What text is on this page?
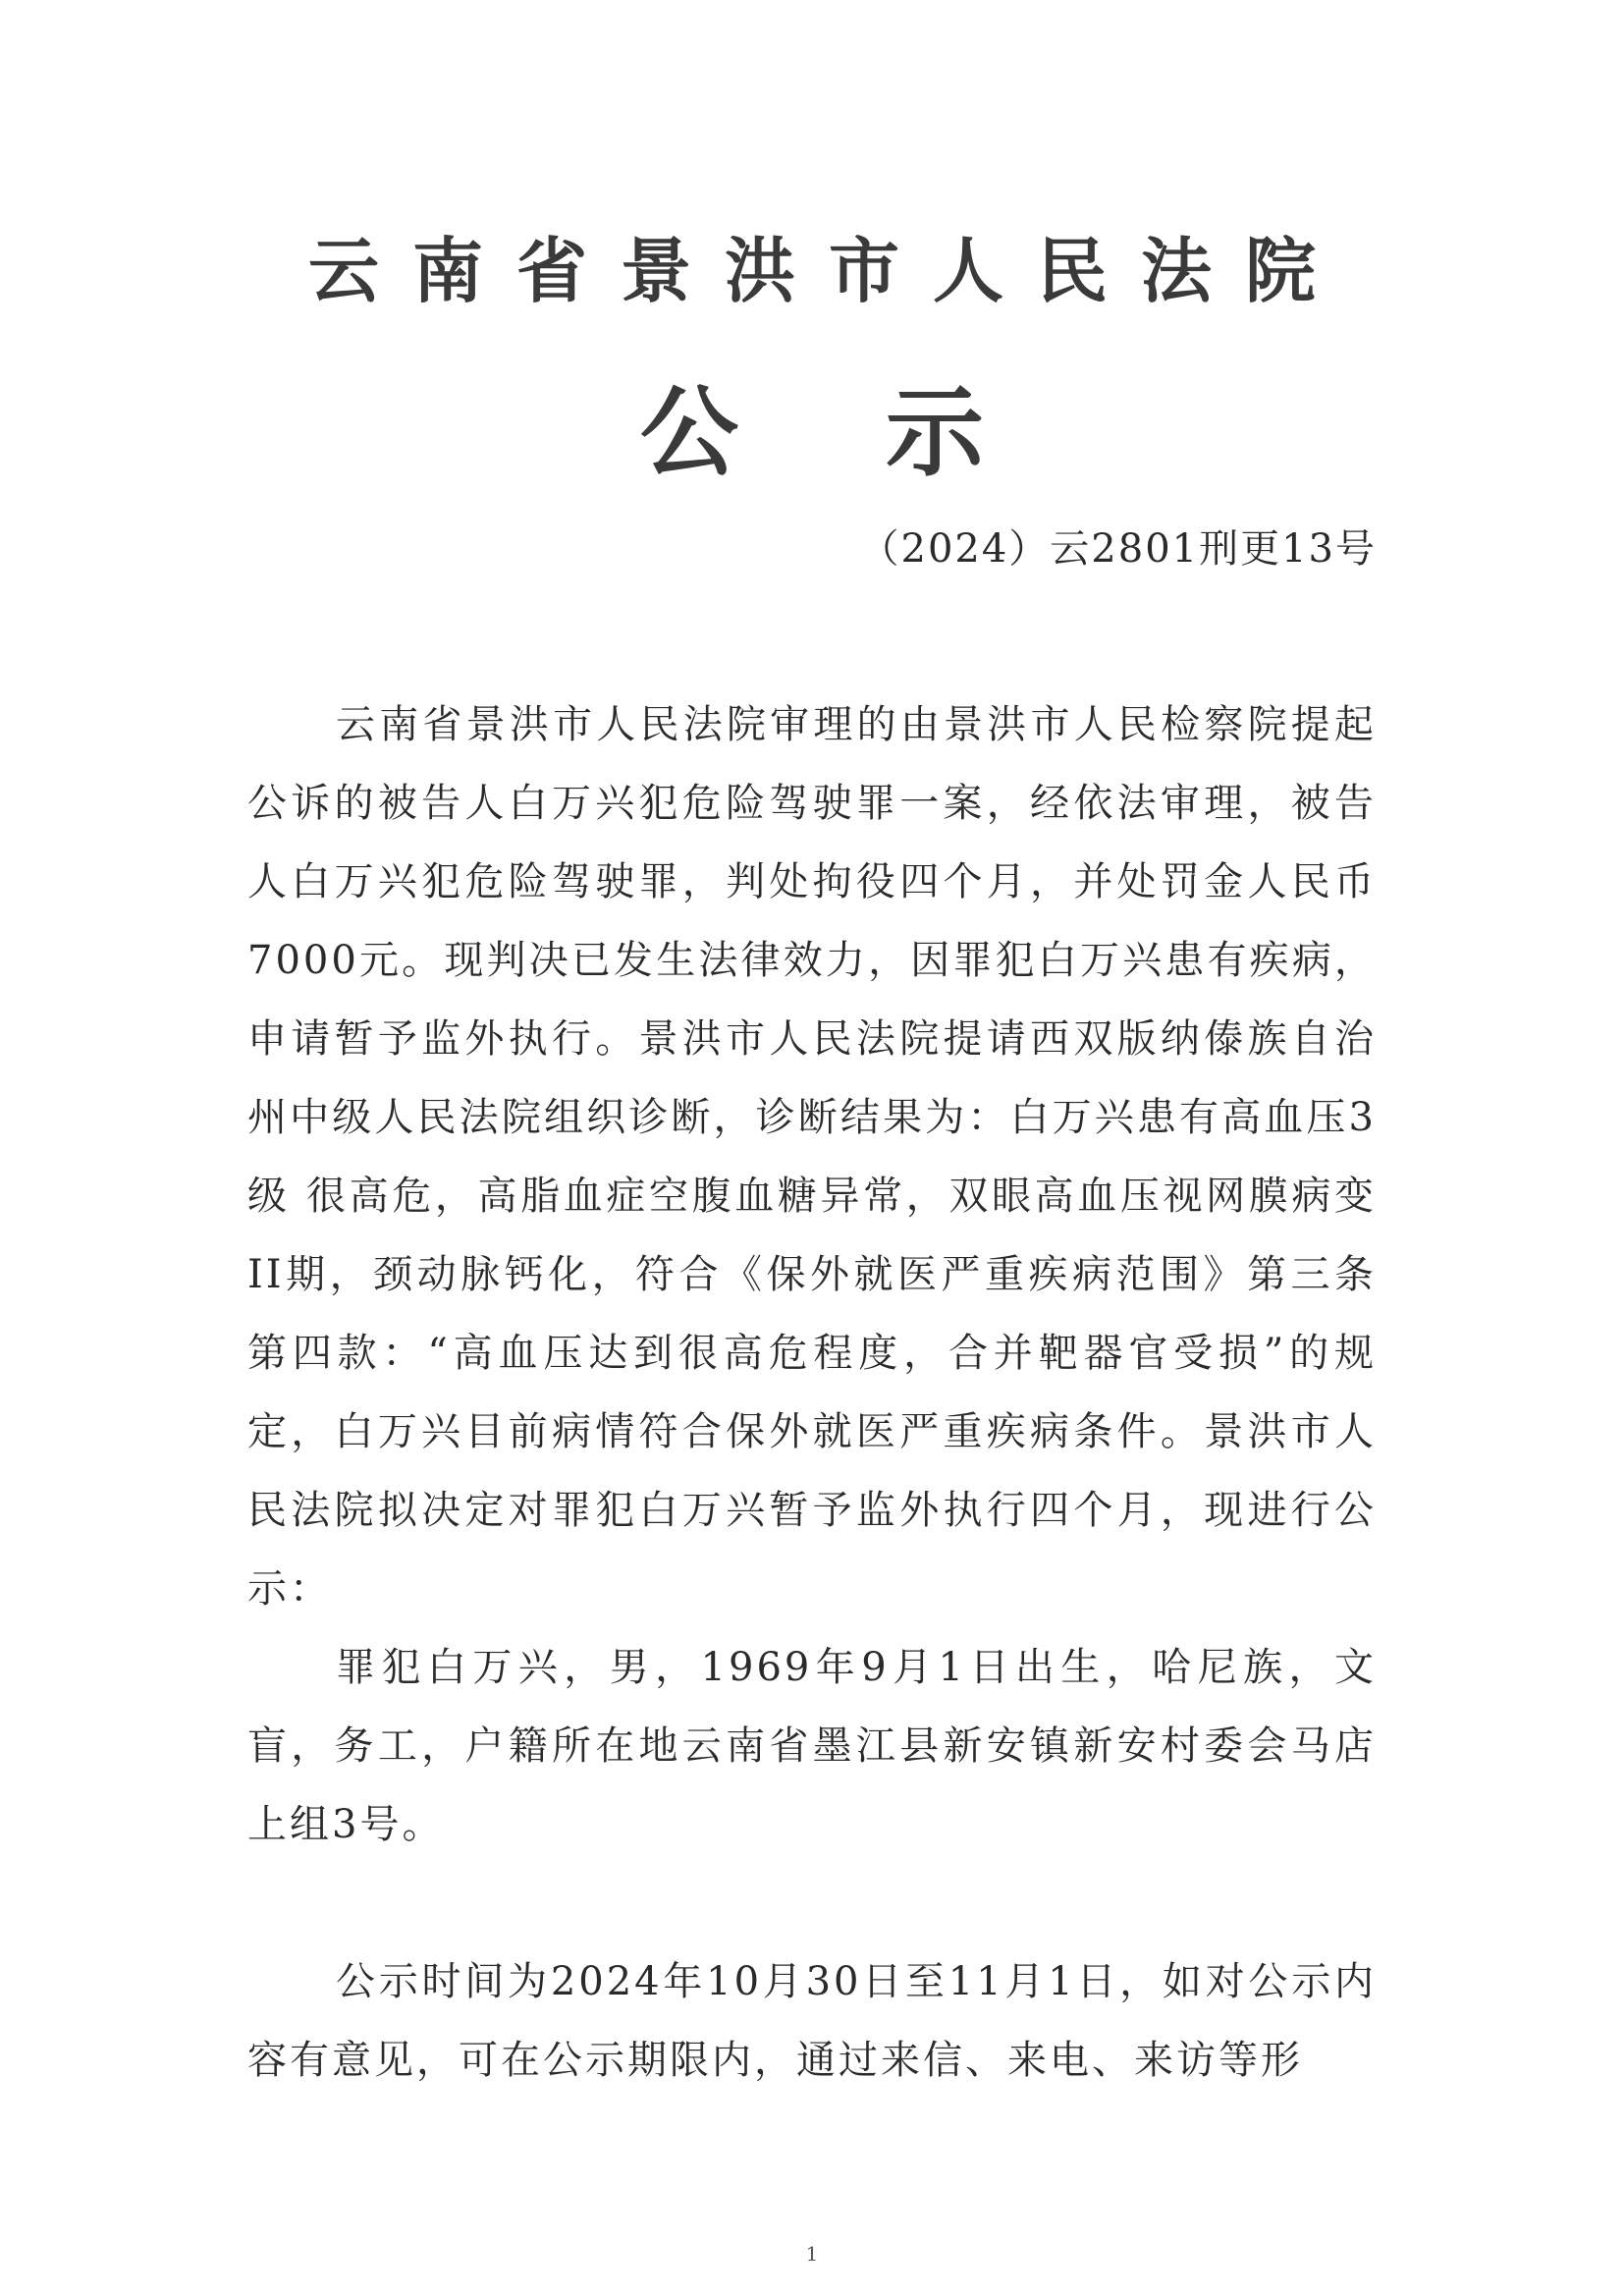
云南省景洪市人民法院
公示
（2024）云2801刑更13号

云南省景洪市人民法院审理的由景洪市人民检察院提起公诉的被告人白万兴犯危险驾驶罪一案，经依法审理，被告人白万兴犯危险驾驶罪，判处拘役四个月，并处罚金人民币7000元。现判决已发生法律效力，因罪犯白万兴患有疾病，申请暂予监外执行。景洪市人民法院提请西双版纳傣族自治州中级人民法院组织诊断，诊断结果为：白万兴患有高血压3级 很高危，高脂血症空腹血糖异常，双眼高血压视网膜病变II期，颈动脉钙化，符合《保外就医严重疾病范围》第三条第四款：“高血压达到很高危程度，合并靶器官受损”的规定，白万兴目前病情符合保外就医严重疾病条件。景洪市人民法院拟决定对罪犯白万兴暂予监外执行四个月，现进行公示：

罪犯白万兴，男，1969年9月1日出生，哈尼族，文盲，务工，户籍所在地云南省墨江县新安镇新安村委会马店上组3号。

公示时间为2024年10月30日至11月1日，如对公示内容有意见，可在公示期限内，通过来信、来电、来访等形

1
